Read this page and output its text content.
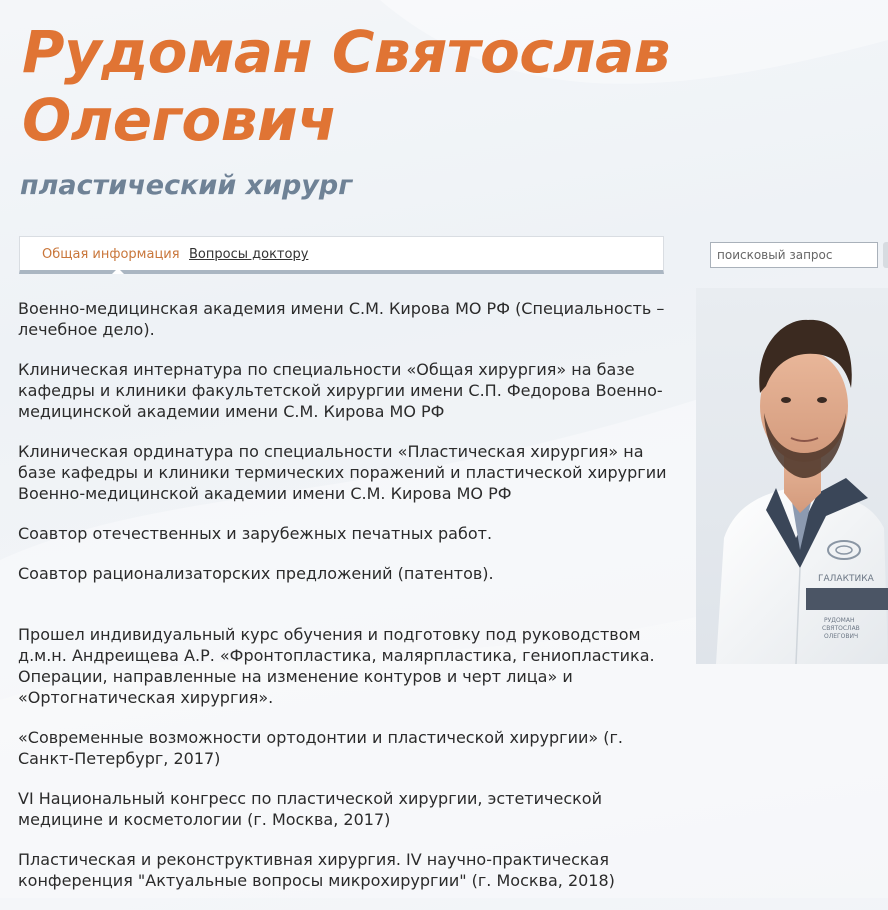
Рудоман Святослав
Олегович
пластический хирург
Общая информация Вопросы доктору
поисковый запрос

Военно-медицинская академия имени С.М. Кирова МО РФ (Специальность – лечебное дело).

Клиническая интернатура по специальности «Общая хирургия» на базе кафедры и клиники факультетской хирургии имени С.П. Федорова Военно-медицинской академии имени С.М. Кирова МО РФ

Клиническая ординатура по специальности «Пластическая хирургия» на базе кафедры и клиники термических поражений и пластической хирургии Военно-медицинской академии имени С.М. Кирова МО РФ

Соавтор отечественных и зарубежных печатных работ.

Соавтор рационализаторских предложений (патентов).

Прошел индивидуальный курс обучения и подготовку под руководством д.м.н. Андреищева А.Р. «Фронтопластика, малярпластика, гениопластика. Операции, направленные на изменение контуров и черт лица» и «Ортогнатическая хирургия».

«Современные возможности ортодонтии и пластической хирургии» (г. Санкт-Петербург, 2017)

VI Национальный конгресс по пластической хирургии, эстетической медицине и косметологии (г. Москва, 2017)

Пластическая и реконструктивная хирургия. IV научно-практическая конференция "Актуальные вопросы микрохирургии" (г. Москва, 2018)

ГАЛАКТИКА
РУДОМАН
СВЯТОСЛАВ
ОЛЕГОВИЧ
